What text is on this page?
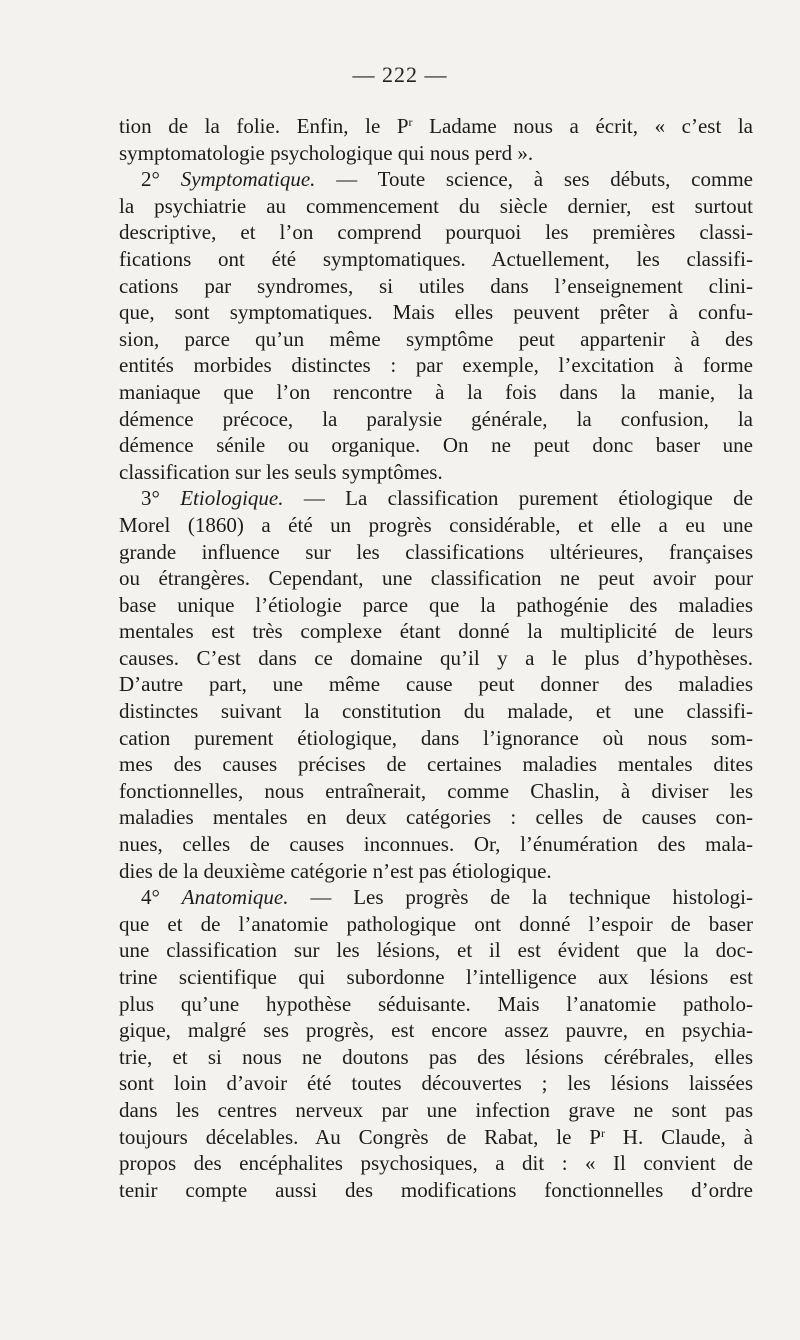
— 222 —
tion de la folie. Enfin, le $P^r$ Ladame nous a écrit, « c’est la
symptomatologie psychologique qui nous perd ».
2° Symptomatique. — Toute science, à ses débuts, comme
la psychiatrie au commencement du siècle dernier, est surtout
descriptive, et l’on comprend pourquoi les premières classi-
fications ont été symptomatiques. Actuellement, les classifi-
cations par syndromes, si utiles dans l’enseignement clini-
que, sont symptomatiques. Mais elles peuvent prêter à confu-
sion, parce qu’un même symptôme peut appartenir à des
entités morbides distinctes : par exemple, l’excitation à forme
maniaque que l’on rencontre à la fois dans la manie, la
démence précoce, la paralysie générale, la confusion, la
démence sénile ou organique. On ne peut donc baser une
classification sur les seuls symptômes.
3° Etiologique. — La classification purement étiologique de
Morel (1860) a été un progrès considérable, et elle a eu une
grande influence sur les classifications ultérieures, françaises
ou étrangères. Cependant, une classification ne peut avoir pour
base unique l’étiologie parce que la pathogénie des maladies
mentales est très complexe étant donné la multiplicité de leurs
causes. C’est dans ce domaine qu’il y a le plus d’hypothèses.
D’autre part, une même cause peut donner des maladies
distinctes suivant la constitution du malade, et une classifi-
cation purement étiologique, dans l’ignorance où nous som-
mes des causes précises de certaines maladies mentales dites
fonctionnelles, nous entraînerait, comme Chaslin, à diviser les
maladies mentales en deux catégories : celles de causes con-
nues, celles de causes inconnues. Or, l’énumération des mala-
dies de la deuxième catégorie n’est pas étiologique.
4° Anatomique. — Les progrès de la technique histologi-
que et de l’anatomie pathologique ont donné l’espoir de baser
une classification sur les lésions, et il est évident que la doc-
trine scientifique qui subordonne l’intelligence aux lésions est
plus qu’une hypothèse séduisante. Mais l’anatomie patholo-
gique, malgré ses progrès, est encore assez pauvre, en psychia-
trie, et si nous ne doutons pas des lésions cérébrales, elles
sont loin d’avoir été toutes découvertes ; les lésions laissées
dans les centres nerveux par une infection grave ne sont pas
toujours décelables. Au Congrès de Rabat, le $P^r$ H. Claude, à
propos des encéphalites psychosiques, a dit : « Il convient de
tenir compte aussi des modifications fonctionnelles d’ordre
